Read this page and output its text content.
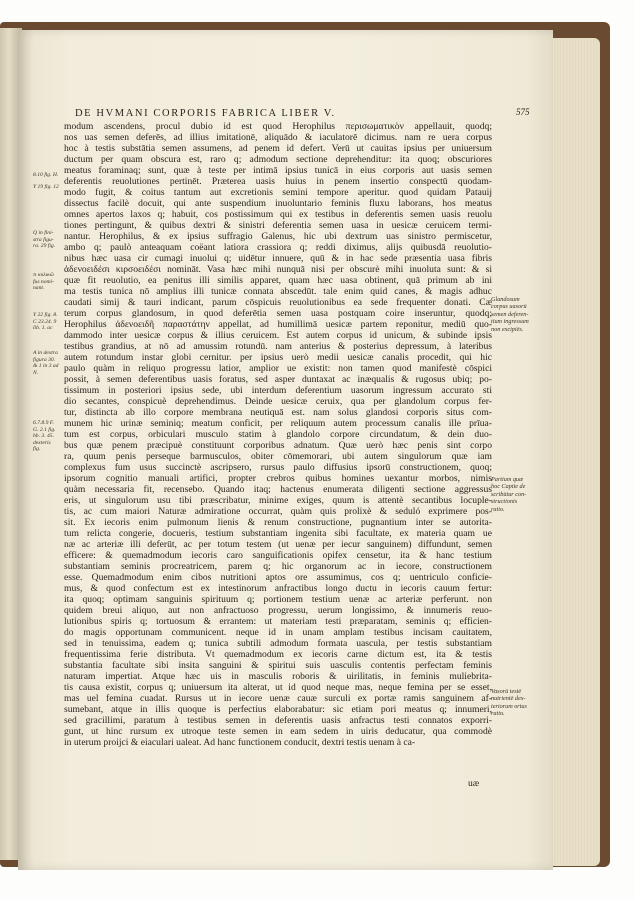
DE HVMANI CORPORIS FABRICA LIBER V.	575
modum ascendens, procul dubio id est quod Herophilus περισωματικὸν appellauit, quodq;
nos uas semen deferēs, ad illius imitationē, aliquādo & iaculatorē dicimus. nam re uera corpus
hoc à testis substātia semen assumens, ad penem id defert. Verū ut cauitas ipsius per uniuersum
ductum per quam obscura est, raro q; admodum sectione deprehenditur: ita quoq; obscuriores
meatus foraminaq; sunt, quæ à teste per intimā ipsius tunicā in eius corporis aut uasis semen
deferentis reuolutiones pertinēt. Præterea uasis huius in penem insertio conspectū quodam-
modo fugit, & coitus tantum aut excretionis semini tempore aperitur. quod quidam Patauij
dissectus facilè docuit, qui ante suspendium inuoluntario feminis fluxu laborans, hos meatus
omnes apertos laxos q; habuit, cos postissimum qui ex testibus in deferentis semen uasis reuolu
tiones pertingunt, & quibus dextri & sinistri deferentia semen uasa in uesicæ ceruicem termi-
nantur. Herophilus, & ex ipsius suffragio Galenus, hic ubi dextrum uas sinistro permiscetur,
ambo q; paulò anteaquam coëant latiora crassiora q; reddi diximus, alijs quibusdā reuolutio-
nibus hæc uasa cir cumagi inuolui q; uidētur innuere, quū & in hac sede præsentia uasa fibris
ἀδενοειδέσι κιρσοειδέσι nomināt. Vasa hæc mihi nunquā nisi per obscurè mihi inuoluta sunt: & si
quæ fit reuolutio, ea penitus illi similis apparet, quam hæc uasa obtinent, quā primum ab ini
ma testis tunica nō amplius illi tunicæ connata abscedūt. tale enim quid canes, & magis adhuc
caudati simij & tauri indicant, parum cōspicuis reuolutionibus ea sede frequenter donati. Cæ
terum corpus glandosum, in quod deferētia semen uasa postquam coire inseruntur, quodq;
Herophilus ἀδενοειδῆ παραστάτην appellat, ad humillimā uesicæ partem reponitur, mediū quo-
dammodo inter uesicæ corpus & illius ceruicem. Est autem corpus id unicum, & subinde ipsis
testibus grandius, at nō ad amussim rotundū. nam anterius & posterius depressum, à lateribus
autem rotundum instar globi cernitur. per ipsius uerò medii uesicæ canalis procedit, qui hic
paulo quàm in reliquo progressu latior, amplior ue existit: non tamen quod manifestè cōspici
possit, à semen deferentibus uasis foratus, sed asper duntaxat ac inæqualis & rugosus ubiq; po-
tissimum in posteriori ipsius sede, ubi interdum deferentium uasorum ingressum accurato sti
dio secantes, conspicuè deprehendimus. Deinde uesicæ ceruix, qua per glandolum corpus fer-
tur, distincta ab illo corpore membrana neutiquā est. nam solus glandosi corporis situs com-
munem hic urinæ seminiq; meatum conficit, per reliquum autem processum canalis ille prīua-
tum est corpus, orbiculari musculo statim à glandolo corpore circundatum, & dein duo-
bus quæ penem præcipuè constituunt corporibus adnatum. Quæ uerò hæc penis sint corpo
ra, quum penis perseque barmusculos, obiter cōmemorari, ubi autem singulorum quæ iam
complexus fum usus succinctè ascripsero, rursus paulo diffusius ipsorū constructionem, quoq;
ipsorum cognitio manuali artifici, propter crebros quibus homines uexantur morbos, nimis
quàm necessaria fit, recensebo. Quando itaq; hactenus enumerata diligenti sectione aggressus
eris, ut singulorum usu tibi præscribatur, minime exiges, quum is attentè secantibus locuple-
tis, ac cum maiori Naturæ admiratione occurrat, quàm quis prolixè & seduló exprimere pos-
sit. Ex iecoris enim pulmonum lienis & renum constructione, pugnantium inter se autorita-
tum relicta congerie, docueris, testium substantiam ingenita sibi facultate, ex materia quam ue
næ ac arteriæ illi deferūt, ac per totum testem (ut uenæ per iecur sanguinem) diffundunt, semen
efficere: & quemadmodum iecoris caro sanguificationis opifex censetur, ita & hanc testium
substantiam seminis procreatricem, parem q; hic organorum ac in iecore, constructionem
esse. Quemadmodum enim cibos nutritioni aptos ore assumimus, cos q; uentriculo conficie-
mus, & quod confectum est ex intestinorum anfractibus longo ductu in iecoris cauum fertur:
ita quoq; optimam sanguinis spirituum q; portionem testium uenæ ac arteriæ perferunt. non
quidem breui aliquo, aut non anfractuoso progressu, uerum longissimo, & innumeris reuo-
lutionibus spiris q; tortuosum & errantem: ut materiam testi præparatam, seminis q; efficien-
do magis opportunam communicent. neque id in unam amplam testibus incisam cauitatem,
sed in tenuissima, eadem q; tunica subtili admodum formata uascula, per testis substantiam
frequentissima ferie distributa. Vt quemadmodum ex iecoris carne dictum est, ita & testis
substantia facultate sibi insita sanguini & spiritui suis uasculis contentis perfectam feminis
naturam impertiat. Atque hæc uis in masculis roboris & uirilitatis, in feminis muliebrita-
tis causa existit, corpus q; uniuersum ita alterat, ut id quod neque mas, neque femina per se esset,
mas uel femina cuadat. Rursus ut in iecore uenæ cauæ surculi ex portæ ramis sanguinem af-
sumebant, atque in illis quoque is perfectius elaborabatur: sic etiam pori meatus q; innumeri,
sed gracillimi, paratum à testibus semen in deferentis uasis anfractus testi connatos exporri-
gunt, ut hinc rursum ex utroque teste semen in eam sedem in uiris deducatur, qua commodè
in uterum proijci & eiaculari ualeat. Ad hanc functionem conducit, dextri testis uenam à ca-
uæ
8.10 fig. H.
Y 19 fig. 12
Q in fini-
stra figu-
ra. 29 fig.
τι κυλικῶ
fus nomi-
nant.
Y 22 fig. 8.
C 23.24. 9
lib. 1. ac
A in dextra
figura 30.
& 1 in 3 ad
N.
6.7.8.9 F.
G. 2.1 fig.
hb. 3. 45.
dexteris
fig.
Glandosum
corpus uasorū
semen deferen-
tium ingressum
non excipiēs.
Partium quæ
hoc Capite de
scribūtur con-
structionis
ratio.
Vasorū testē
nutrientē dex-
teriorum ortus
ratio.
